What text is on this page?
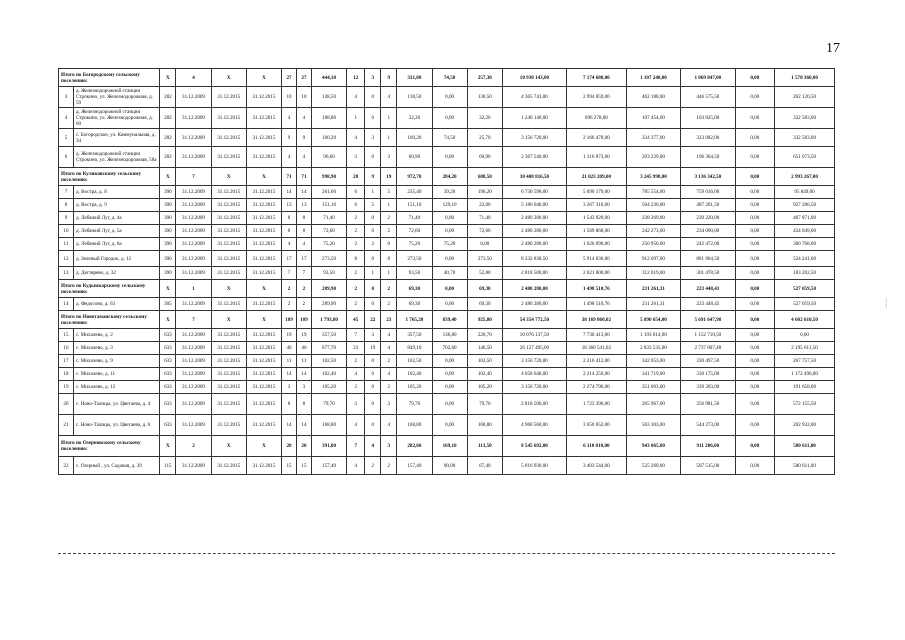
17
Итого по Богородскому сельскому поселению:		X	4	X	X	27	27	444,10	12	3	9	331,80	74,50	257,30	10 930 143,00	7 174 688,00	1 107 248,00	1 069 847,00	0,00	1 578 360,00
3	д. Железнодорожной станции Строкино, ул. Железнодорожная, д. 59	282	31.12.2009	31.12.2015	31.12.2015	10	10	138,50	4	0	4	138,50	0,00	138,50	4 365 743,00	2 994 859,00	462 188,00	446 575,50	0,00	262 120,50
4	д. Железнодорожной станции Строкино, ул. Железнодорожная, д. 60	282	31.12.2009	31.12.2015	31.12.2015	4	4	108,80	1	0	1	32,20	0,00	32,20	1 240 140,00	696 278,00	107 454,00	103 825,00	0,00	332 583,00
5	с. Богородское, ул. Коммунальная, д. 34	282	31.12.2009	31.12.2015	31.12.2015	9	9	100,20	4	3	1	100,20	74,50	25,70	3 156 720,00	2 166 478,00	334 377,00	323 082,00	0,00	332 583,00
6	д. Железнодорожной станции Строкино, ул. Железнодорожная, 58а	282	31.12.2009	31.12.2015	31.12.2015	4	4	96,60	3	0	3	60,90	0,00	60,90	2 367 540,00	1 316 873,00	203 229,00	196 364,50	0,00	651 073,50
Итого по Куликовскому сельскому поселению:		X	7	X	X	71	71	998,90	28	9	19	972,70	284,20	688,50	30 408 816,50	21 023 209,00	3 245 998,00	3 136 342,50	0,00	2 993 267,00
7	д. Вострa, д. 8	390	31.12.2009	31.12.2015	31.12.2015	14	14	261,60	6	1	5	235,40	39,20	196,20	6 730 598,00	5 090 179,00	785 554,00	759 016,00	0,00	95 849,00
8	д. Вострa, д. 9	390	31.12.2009	31.12.2015	31.12.2015	13	13	151,10	6	5	1	151,10	129,10	22,00	5 186 040,00	3 267 316,00	504 236,00	487 201,50	0,00	927 286,50
9	д. Лебяжий Луг, д. 4а	390	31.12.2009	31.12.2015	31.12.2015	8	8	71,40	2	0	2	71,40	0,00	71,40	2 480 280,00	1 543 920,00	238 269,00	230 220,00	0,00	467 871,00
10	д. Лебяжий Луг, д. 5а	390	31.12.2009	31.12.2015	31.12.2015	8	8	72,60	2	0	2	72,60	0,00	72,60	2 480 280,00	1 569 868,00	242 273,00	234 090,00	0,00	434 049,00
11	д. Лебяжий Луг, д. 6а	390	31.12.2009	31.12.2015	31.12.2015	4	4	75,20	2	2	0	75,20	75,20	0,00	2 480 280,00	1 626 090,00	250 950,00	242 472,00	0,00	360 768,00
12	д. Зеленый Городок, д. 12	390	31.12.2009	31.12.2015	31.12.2015	17	17	273,50	8	0	8	273,50	0,00	273,50	8 232 838,50	5 914 036,00	912 697,00	881 864,50	0,00	524 241,00
13	д. Дегтярево, д. 32	390	31.12.2009	31.12.2015	31.12.2015	7	7	93,50	2	1	1	93,50	40,70	52,80	2 818 500,00	2 021 800,00	312 019,00	301 478,50	0,00	183 202,50
Итого по Кудымкарскому сельскому поселению:		X	1	X	X	2	2	289,90	2	0	2	69,30	0,00	69,30	2 480 280,00	1 498 510,76	231 261,31	223 448,43	0,00	527 059,50
14	д. Федосово, д. 63	305	31.12.2009	31.12.2015	31.12.2015	2	2	289,90	2	0	2	69,30	0,00	69,30	2 480 280,00	1 498 510,76	231 261,31	223 448,43	0,00	527 059,50
Итого по Новотаманскому сельскому поселению:		X	7	X	X	109	109	1 793,80	45	22	23	1 765,20	839,40	925,80	54 354 772,50	38 169 860,02	5 890 654,00	5 691 647,98	0,00	4 602 610,50
15	с. Михалево, д. 2	633	31.12.2009	31.12.2015	31.12.2015	19	19	357,50	7	3	4	357,50	136,80	220,70	10 076 137,50	7 730 413,00	1 193 014,00	1 152 710,50	0,00	0,00
16	с. Михалево, д. 3	633	31.12.2009	31.12.2015	31.12.2015	40	40	877,70	23	19	4	849,10	702,60	146,50	26 127 495,00	18 360 541,02	2 833 535,00	2 737 807,48	0,00	2 195 611,50
17	с. Михалево, д. 9	633	31.12.2009	31.12.2015	31.12.2015	11	11	102,50	2	0	2	102,50	0,00	102,50	3 156 720,00	2 216 412,00	342 053,00	330 497,50	0,00	267 757,50
18	с. Михалево, д. 11	633	31.12.2009	31.12.2015	31.12.2015	14	14	102,40	4	0	4	102,40	0,00	102,40	4 058 640,00	2 214 250,00	341 719,00	330 175,00	0,00	1 172 496,00
19	с. Михалево, д. 12	633	31.12.2009	31.12.2015	31.12.2015	3	3	105,20	2	0	2	105,20	0,00	105,20	3 156 720,00	2 274 796,00	351 063,00	339 203,00	0,00	191 658,00
20	с. Ново-Талицы, ул. Цветаева, д. 4	633	31.12.2009	31.12.2015	31.12.2015	8	8	79,70	3	0	3	79,70	0,00	79,70	2 818 500,00	1 723 396,00	265 967,00	256 981,50	0,00	572 155,50
21	с. Ново-Талицы, ул. Цветаева, д. 6	633	31.12.2009	31.12.2015	31.12.2015	14	14	168,80	4	0	4	168,80	0,00	168,80	4 960 560,00	3 650 052,00	563 303,00	544 273,00	0,00	202 932,00
Итого по Озерновскому сельскому поселению:		X	2	X	X	20	20	391,00	7	4	3	282,60	169,10	113,50	8 545 692,00	6 110 810,00	943 065,00	911 206,00	0,00	580 611,00
22	с. Озерный , ул. Садовая, д. 39	115	31.12.2009	31.12.2015	31.12.2015	15	15	157,40	4	2	2	157,40	90,00	67,40	5 016 930,00	3 403 544,00	525 260,00	507 515,00	0,00	580 611,00
~~~
